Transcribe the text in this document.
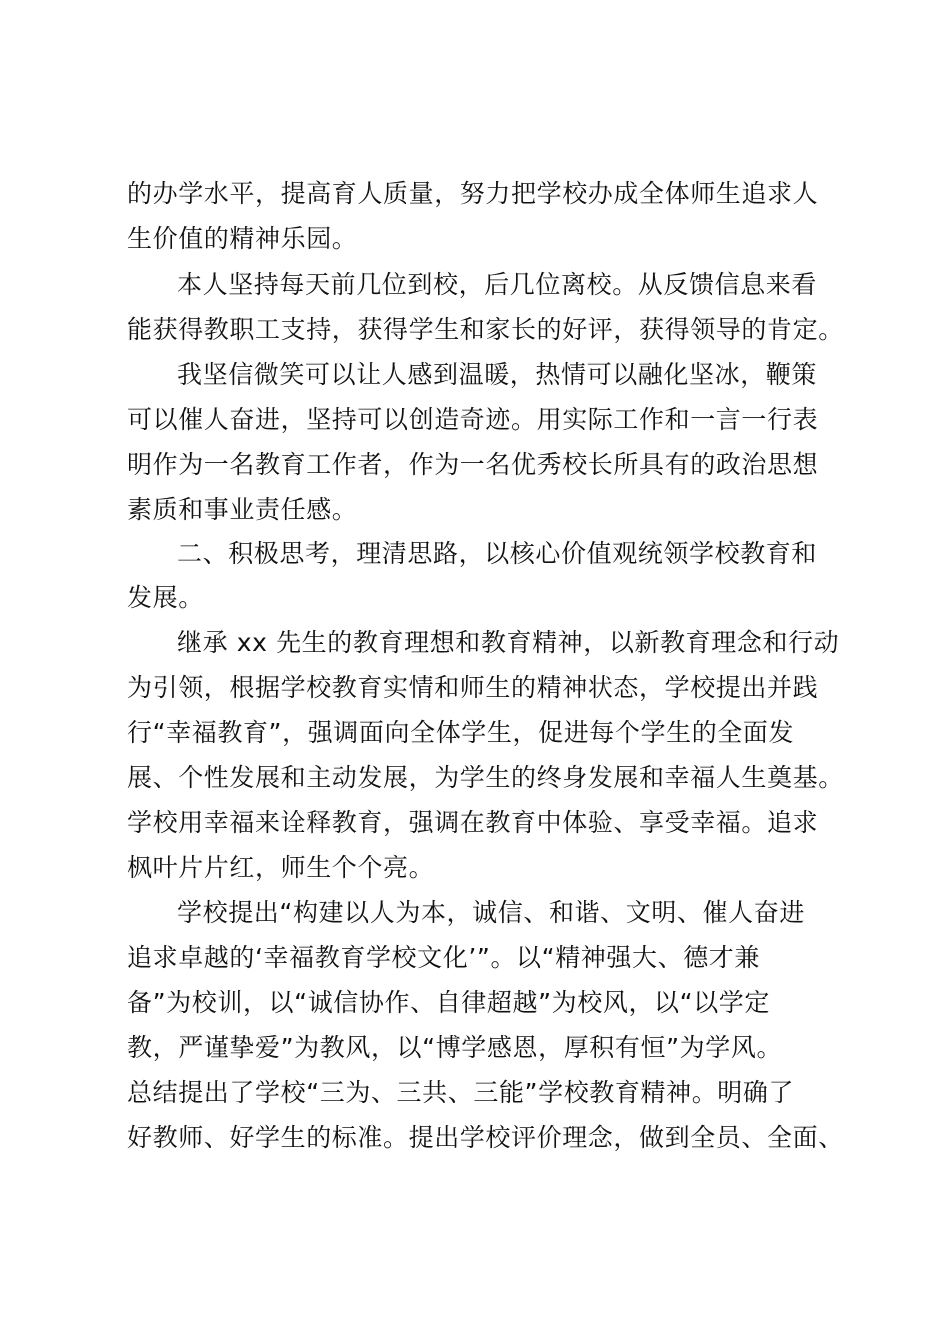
的办学水平，提高育人质量，努力把学校办成全体师生追求人
生价值的精神乐园。
本人坚持每天前几位到校，后几位离校。从反馈信息来看
能获得教职工支持，获得学生和家长的好评，获得领导的肯定。
我坚信微笑可以让人感到温暖，热情可以融化坚冰，鞭策
可以催人奋进，坚持可以创造奇迹。用实际工作和一言一行表
明作为一名教育工作者，作为一名优秀校长所具有的政治思想
素质和事业责任感。
二、积极思考，理清思路，以核心价值观统领学校教育和
发展。
继承 xx 先生的教育理想和教育精神，以新教育理念和行动
为引领，根据学校教育实情和师生的精神状态，学校提出并践
行“幸福教育”，强调面向全体学生，促进每个学生的全面发
展、个性发展和主动发展，为学生的终身发展和幸福人生奠基。
学校用幸福来诠释教育，强调在教育中体验、享受幸福。追求
枫叶片片红，师生个个亮。
学校提出“构建以人为本，诚信、和谐、文明、催人奋进
追求卓越的‘幸福教育学校文化’”。以“精神强大、德才兼
备”为校训，以“诚信协作、自律超越”为校风，以“以学定
教，严谨挚爱”为教风，以“博学感恩，厚积有恒”为学风。
总结提出了学校“三为、三共、三能”学校教育精神。明确了
好教师、好学生的标准。提出学校评价理念，做到全员、全面、
